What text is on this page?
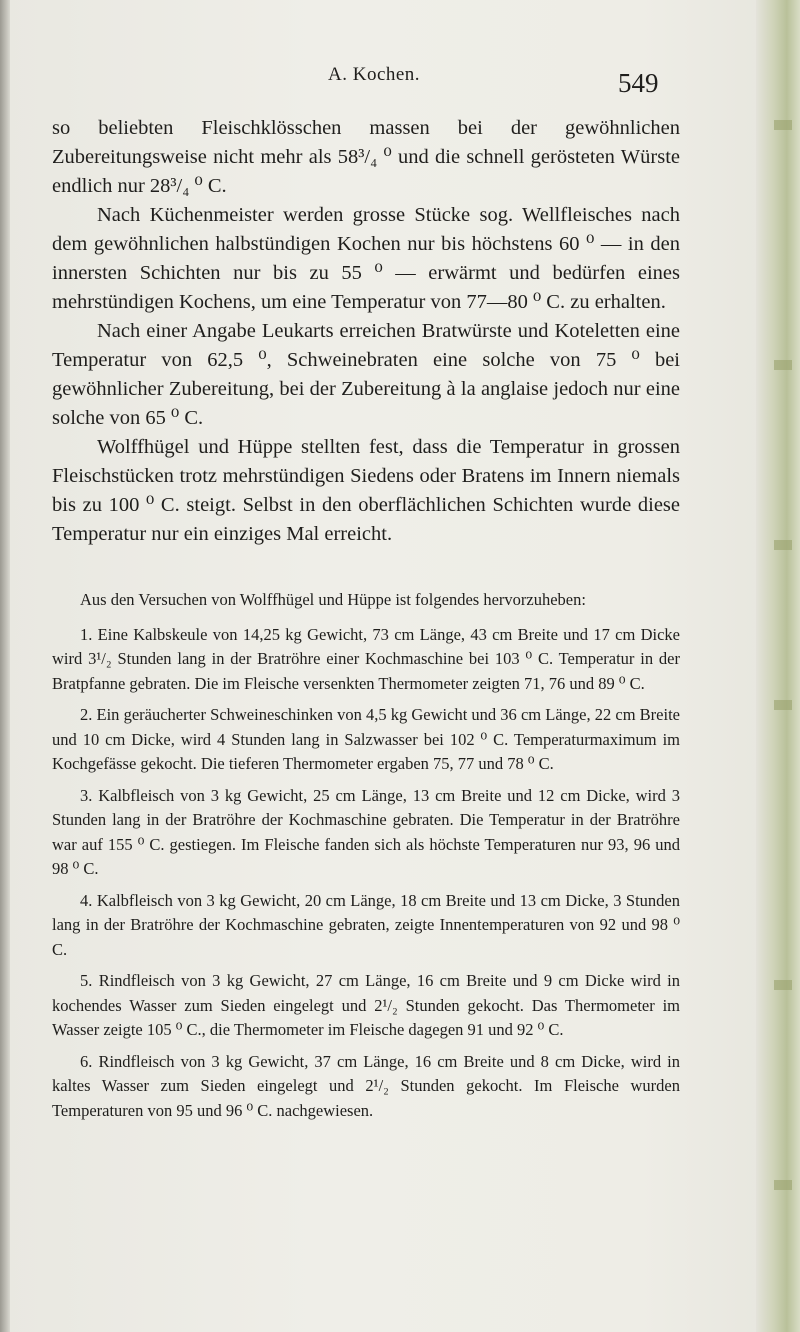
A. Kochen.	549

so beliebten Fleischklösschen massen bei der gewöhnlichen Zubereitungsweise nicht mehr als 58³/₄ ⁰ und die schnell gerösteten Würste endlich nur 28³/₄ ⁰ C.

Nach Küchenmeister werden grosse Stücke sog. Wellfleisches nach dem gewöhnlichen halbstündigen Kochen nur bis höchstens 60 ⁰ — in den innersten Schichten nur bis zu 55 ⁰ — erwärmt und bedürfen eines mehrstündigen Kochens, um eine Temperatur von 77—80 ⁰ C. zu erhalten.

Nach einer Angabe Leukarts erreichen Bratwürste und Koteletten eine Temperatur von 62,5 ⁰, Schweinebraten eine solche von 75 ⁰ bei gewöhnlicher Zubereitung, bei der Zubereitung à la anglaise jedoch nur eine solche von 65 ⁰ C.

Wolffhügel und Hüppe stellten fest, dass die Temperatur in grossen Fleischstücken trotz mehrstündigen Siedens oder Bratens im Innern niemals bis zu 100 ⁰ C. steigt. Selbst in den oberflächlichen Schichten wurde diese Temperatur nur ein einziges Mal erreicht.

Aus den Versuchen von Wolffhügel und Hüppe ist folgendes hervorzuheben:

1. Eine Kalbskeule von 14,25 kg Gewicht, 73 cm Länge, 43 cm Breite und 17 cm Dicke wird 3¹/₂ Stunden lang in der Bratröhre einer Kochmaschine bei 103 ⁰ C. Temperatur in der Bratpfanne gebraten. Die im Fleische versenkten Thermometer zeigten 71, 76 und 89 ⁰ C.

2. Ein geräucherter Schweineschinken von 4,5 kg Gewicht und 36 cm Länge, 22 cm Breite und 10 cm Dicke, wird 4 Stunden lang in Salzwasser bei 102 ⁰ C. Temperaturmaximum im Kochgefässe gekocht. Die tieferen Thermometer ergaben 75, 77 und 78 ⁰ C.

3. Kalbfleisch von 3 kg Gewicht, 25 cm Länge, 13 cm Breite und 12 cm Dicke, wird 3 Stunden lang in der Bratröhre der Kochmaschine gebraten. Die Temperatur in der Bratröhre war auf 155 ⁰ C. gestiegen. Im Fleische fanden sich als höchste Temperaturen nur 93, 96 und 98 ⁰ C.

4. Kalbfleisch von 3 kg Gewicht, 20 cm Länge, 18 cm Breite und 13 cm Dicke, 3 Stunden lang in der Bratröhre der Kochmaschine gebraten, zeigte Innentemperaturen von 92 und 98 ⁰ C.

5. Rindfleisch von 3 kg Gewicht, 27 cm Länge, 16 cm Breite und 9 cm Dicke wird in kochendes Wasser zum Sieden eingelegt und 2¹/₂ Stunden gekocht. Das Thermometer im Wasser zeigte 105 ⁰ C., die Thermometer im Fleische dagegen 91 und 92 ⁰ C.

6. Rindfleisch von 3 kg Gewicht, 37 cm Länge, 16 cm Breite und 8 cm Dicke, wird in kaltes Wasser zum Sieden eingelegt und 2¹/₂ Stunden gekocht. Im Fleische wurden Temperaturen von 95 und 96 ⁰ C. nachgewiesen.
